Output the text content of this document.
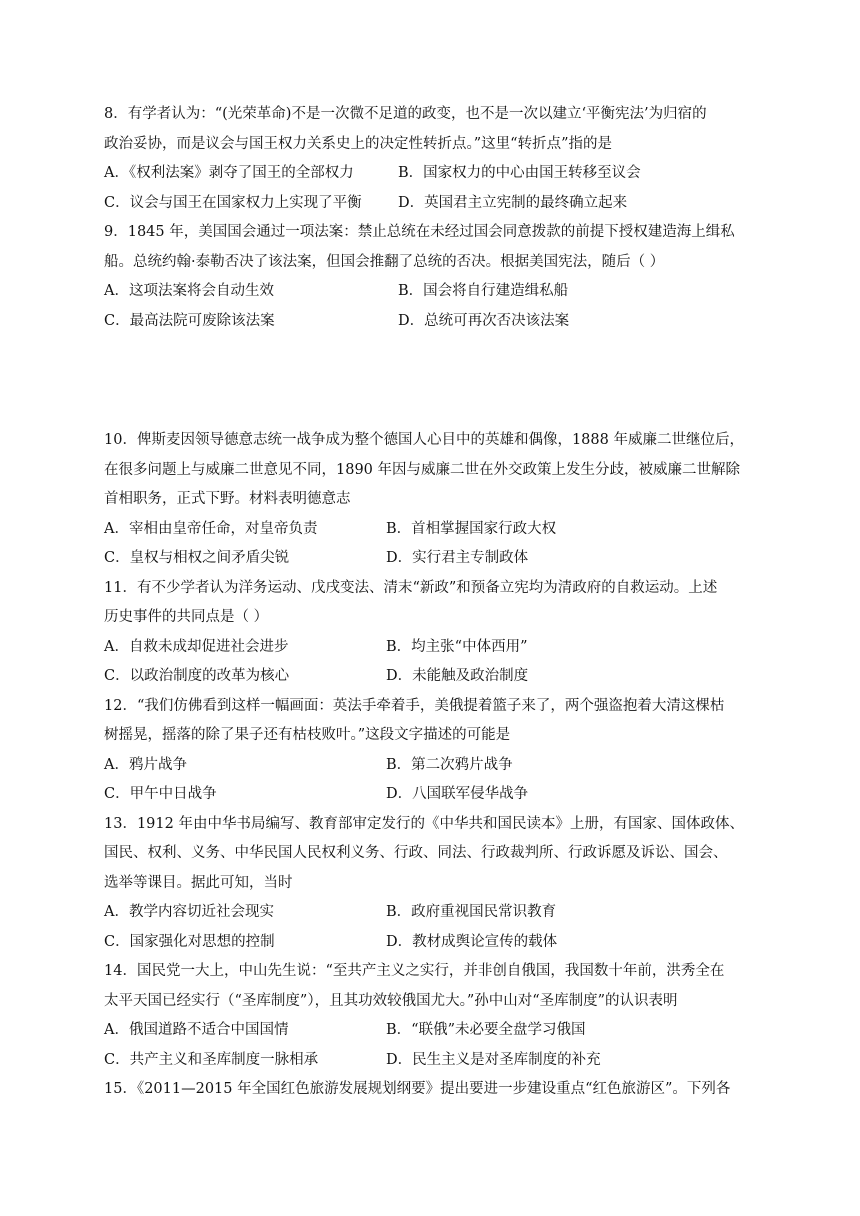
8．有学者认为：“(光荣革命)不是一次微不足道的政变，也不是一次以建立‘平衡宪法’为归宿的
政治妥协，而是议会与国王权力关系史上的决定性转折点。”这里“转折点”指的是
A．《权利法案》剥夺了国王的全部权力	B．国家权力的中心由国王转移至议会
C．议会与国王在国家权力上实现了平衡	D．英国君主立宪制的最终确立起来
9．1845 年，美国国会通过一项法案：禁止总统在未经过国会同意拨款的前提下授权建造海上缉私
船。总统约翰·泰勒否决了该法案，但国会推翻了总统的否决。根据美国宪法，随后（ ）
A．这项法案将会自动生效	B．国会将自行建造缉私船
C．最高法院可废除该法案	D．总统可再次否决该法案
10．俾斯麦因领导德意志统一战争成为整个德国人心目中的英雄和偶像，1888 年威廉二世继位后，
在很多问题上与威廉二世意见不同，1890 年因与威廉二世在外交政策上发生分歧，被威廉二世解除
首相职务，正式下野。材料表明德意志
A．宰相由皇帝任命，对皇帝负责	B．首相掌握国家行政大权
C．皇权与相权之间矛盾尖锐	D．实行君主专制政体
11．有不少学者认为洋务运动、戊戌变法、清末“新政”和预备立宪均为清政府的自救运动。上述
历史事件的共同点是（ ）
A．自救未成却促进社会进步	B．均主张“中体西用”
C．以政治制度的改革为核心	D．未能触及政治制度
12．“我们仿佛看到这样一幅画面：英法手牵着手，美俄提着篮子来了，两个强盗抱着大清这棵枯
树摇晃，摇落的除了果子还有枯枝败叶。”这段文字描述的可能是
A．鸦片战争	B．第二次鸦片战争
C．甲午中日战争	D．八国联军侵华战争
13．1912 年由中华书局编写、教育部审定发行的《中华共和国民读本》上册，有国家、国体政体、
国民、权利、义务、中华民国人民权利义务、行政、同法、行政裁判所、行政诉愿及诉讼、国会、
选举等课目。据此可知，当时
A．教学内容切近社会现实	B．政府重视国民常识教育
C．国家强化对思想的控制	D．教材成舆论宣传的载体
14．国民党一大上，中山先生说：“至共产主义之实行，并非创自俄国，我国数十年前，洪秀全在
太平天国已经实行（“圣库制度”），且其功效较俄国尤大。”孙中山对“圣库制度”的认识表明
A．俄国道路不适合中国国情	B．“联俄”未必要全盘学习俄国
C．共产主义和圣库制度一脉相承	D．民生主义是对圣库制度的补充
15．《2011—2015 年全国红色旅游发展规划纲要》提出要进一步建设重点“红色旅游区”。下列各
